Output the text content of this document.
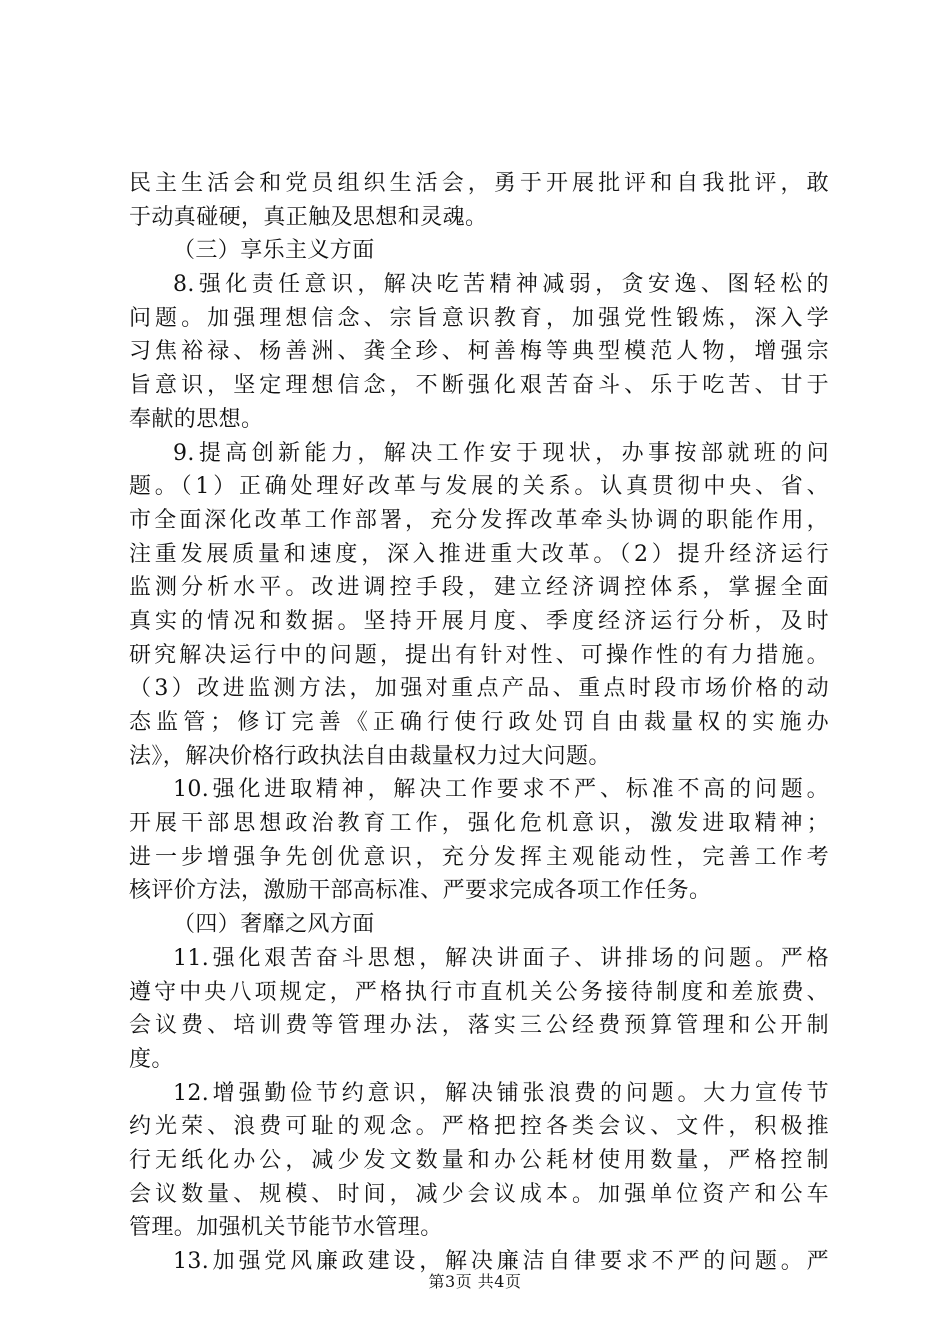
民主生活会和党员组织生活会，勇于开展批评和自我批评，敢
于动真碰硬，真正触及思想和灵魂。
（三）享乐主义方面
8.强化责任意识，解决吃苦精神减弱，贪安逸、图轻松的
问题。加强理想信念、宗旨意识教育，加强党性锻炼，深入学
习焦裕禄、杨善洲、龚全珍、柯善梅等典型模范人物，增强宗
旨意识，坚定理想信念，不断强化艰苦奋斗、乐于吃苦、甘于
奉献的思想。
9.提高创新能力，解决工作安于现状，办事按部就班的问
题。（1）正确处理好改革与发展的关系。认真贯彻中央、省、
市全面深化改革工作部署，充分发挥改革牵头协调的职能作用，
注重发展质量和速度，深入推进重大改革。（2）提升经济运行
监测分析水平。改进调控手段，建立经济调控体系，掌握全面
真实的情况和数据。坚持开展月度、季度经济运行分析，及时
研究解决运行中的问题，提出有针对性、可操作性的有力措施。
（3）改进监测方法，加强对重点产品、重点时段市场价格的动
态监管；修订完善《正确行使行政处罚自由裁量权的实施办
法》，解决价格行政执法自由裁量权力过大问题。
10.强化进取精神，解决工作要求不严、标准不高的问题。
开展干部思想政治教育工作，强化危机意识，激发进取精神；
进一步增强争先创优意识，充分发挥主观能动性，完善工作考
核评价方法，激励干部高标准、严要求完成各项工作任务。
（四）奢靡之风方面
11.强化艰苦奋斗思想，解决讲面子、讲排场的问题。严格
遵守中央八项规定，严格执行市直机关公务接待制度和差旅费、
会议费、培训费等管理办法，落实三公经费预算管理和公开制
度。
12.增强勤俭节约意识，解决铺张浪费的问题。大力宣传节
约光荣、浪费可耻的观念。严格把控各类会议、文件，积极推
行无纸化办公，减少发文数量和办公耗材使用数量，严格控制
会议数量、规模、时间，减少会议成本。加强单位资产和公车
管理。加强机关节能节水管理。
13.加强党风廉政建设，解决廉洁自律要求不严的问题。严
第3页 共4页
